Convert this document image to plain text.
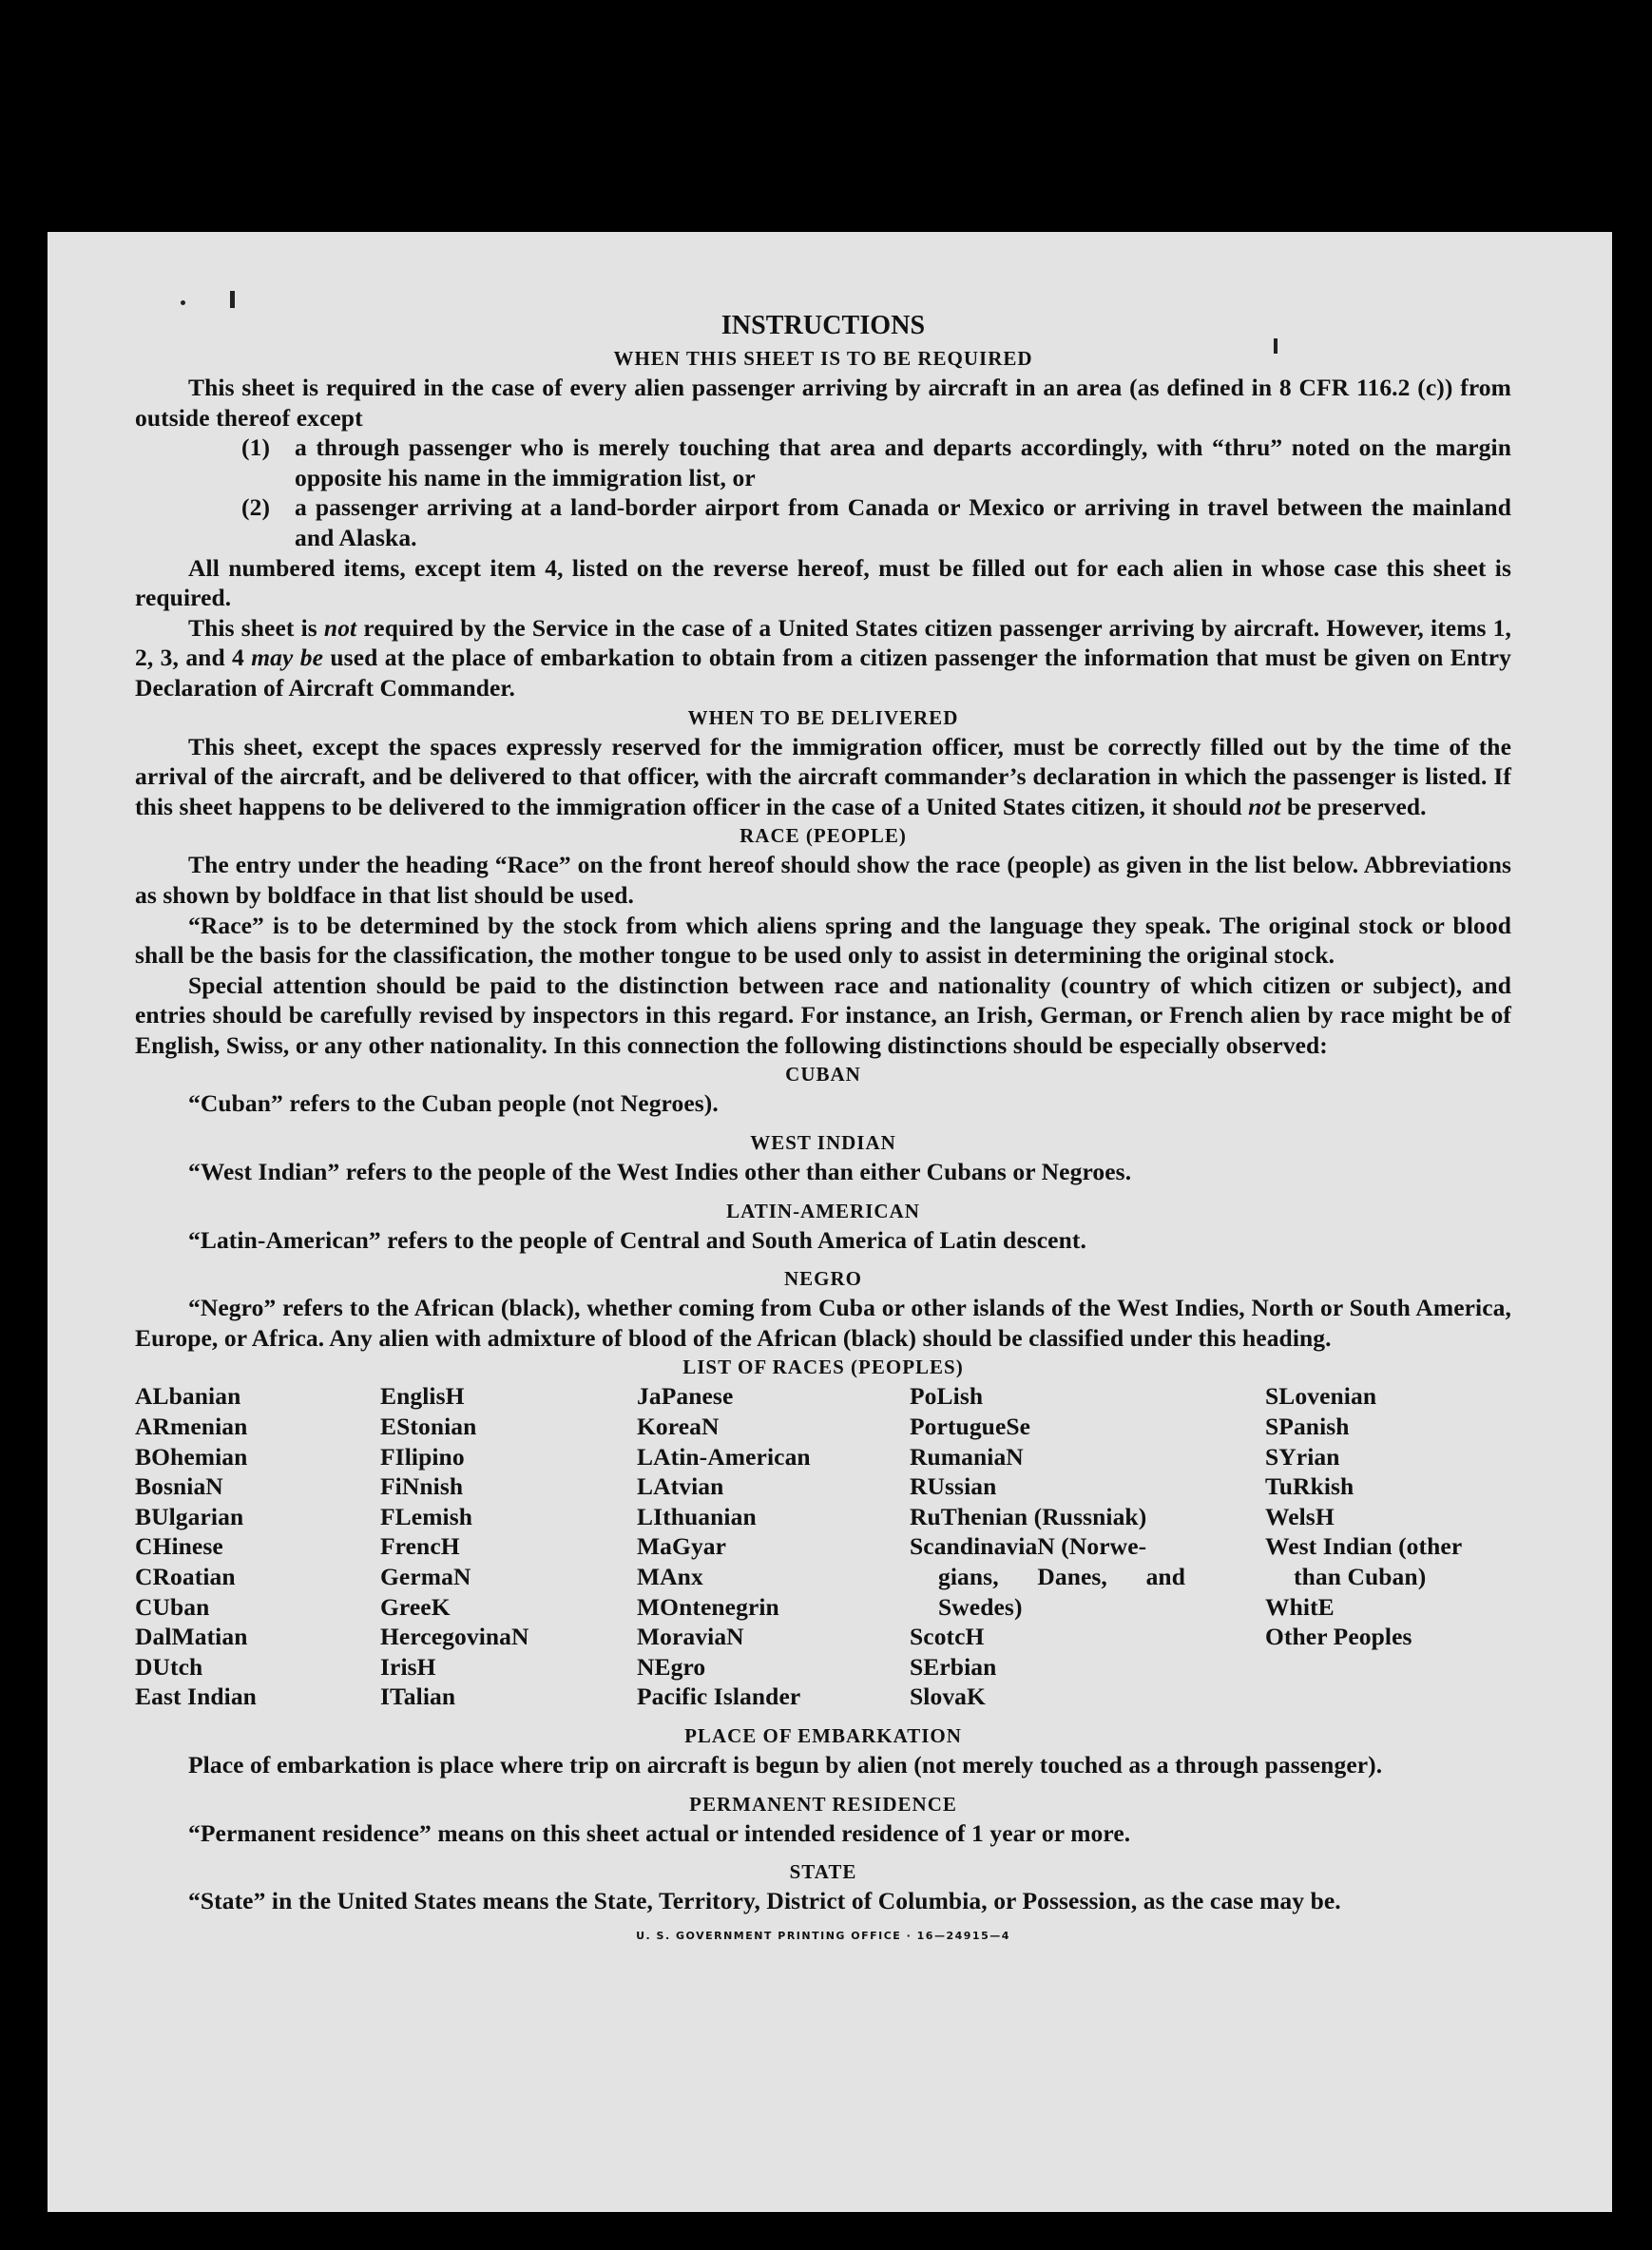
INSTRUCTIONS
WHEN THIS SHEET IS TO BE REQUIRED

This sheet is required in the case of every alien passenger arriving by aircraft in an area (as defined in 8 CFR 116.2 (c)) from outside thereof except

(1)	a through passenger who is merely touching that area and departs accordingly, with “thru” noted on the margin opposite his name in the immigration list, or
(2)	a passenger arriving at a land-border airport from Canada or Mexico or arriving in travel between the mainland and Alaska.

All numbered items, except item 4, listed on the reverse hereof, must be filled out for each alien in whose case this sheet is required.

This sheet is not required by the Service in the case of a United States citizen passenger arriving by aircraft. However, items 1, 2, 3, and 4 may be used at the place of embarkation to obtain from a citizen passenger the information that must be given on Entry Declaration of Aircraft Commander.

WHEN TO BE DELIVERED

This sheet, except the spaces expressly reserved for the immigration officer, must be correctly filled out by the time of the arrival of the aircraft, and be delivered to that officer, with the aircraft commander’s declaration in which the passenger is listed. If this sheet happens to be delivered to the immigration officer in the case of a United States citizen, it should not be preserved.

RACE (PEOPLE)

The entry under the heading “Race” on the front hereof should show the race (people) as given in the list below. Abbreviations as shown by boldface in that list should be used.

“Race” is to be determined by the stock from which aliens spring and the language they speak. The original stock or blood shall be the basis for the classification, the mother tongue to be used only to assist in determining the original stock.

Special attention should be paid to the distinction between race and nationality (country of which citizen or subject), and entries should be carefully revised by inspectors in this regard. For instance, an Irish, German, or French alien by race might be of English, Swiss, or any other nationality. In this connection the following distinctions should be especially observed:

CUBAN

“Cuban” refers to the Cuban people (not Negroes).

WEST INDIAN

“West Indian” refers to the people of the West Indies other than either Cubans or Negroes.

LATIN-AMERICAN

“Latin-American” refers to the people of Central and South America of Latin descent.

NEGRO

“Negro” refers to the African (black), whether coming from Cuba or other islands of the West Indies, North or South America, Europe, or Africa. Any alien with admixture of blood of the African (black) should be classified under this heading.

LIST OF RACES (PEOPLES)
ALbanian
ARmenian
BOhemian
BosniaN
BUlgarian
CHinese
CRoatian
CUban
DalMatian
DUtch
East Indian
EnglisH
EStonian
FIlipino
FiNnish
FLemish
FrencH
GermaN
GreeK
HercegovinaN
IrisH
ITalian
JaPanese
KoreaN
LAtin-American
LAtvian
LIthuanian
MaGyar
MAnx
MOntenegrin
MoraviaN
NEgro
Pacific Islander
PoLish
PortugueSe
RumaniaN
RUssian
RuThenian (Russniak)
ScandinaviaN (Norwe-
gians, Danes, and
Swedes)
ScotcH
SErbian
SlovaK
SLovenian
SPanish
SYrian
TuRkish
WelsH
West Indian (other
than Cuban)
WhitE
Other Peoples
PLACE OF EMBARKATION

Place of embarkation is place where trip on aircraft is begun by alien (not merely touched as a through passenger).

PERMANENT RESIDENCE

“Permanent residence” means on this sheet actual or intended residence of 1 year or more.

STATE

“State” in the United States means the State, Territory, District of Columbia, or Possession, as the case may be.

U. S. GOVERNMENT PRINTING OFFICE · 16—24915—4
